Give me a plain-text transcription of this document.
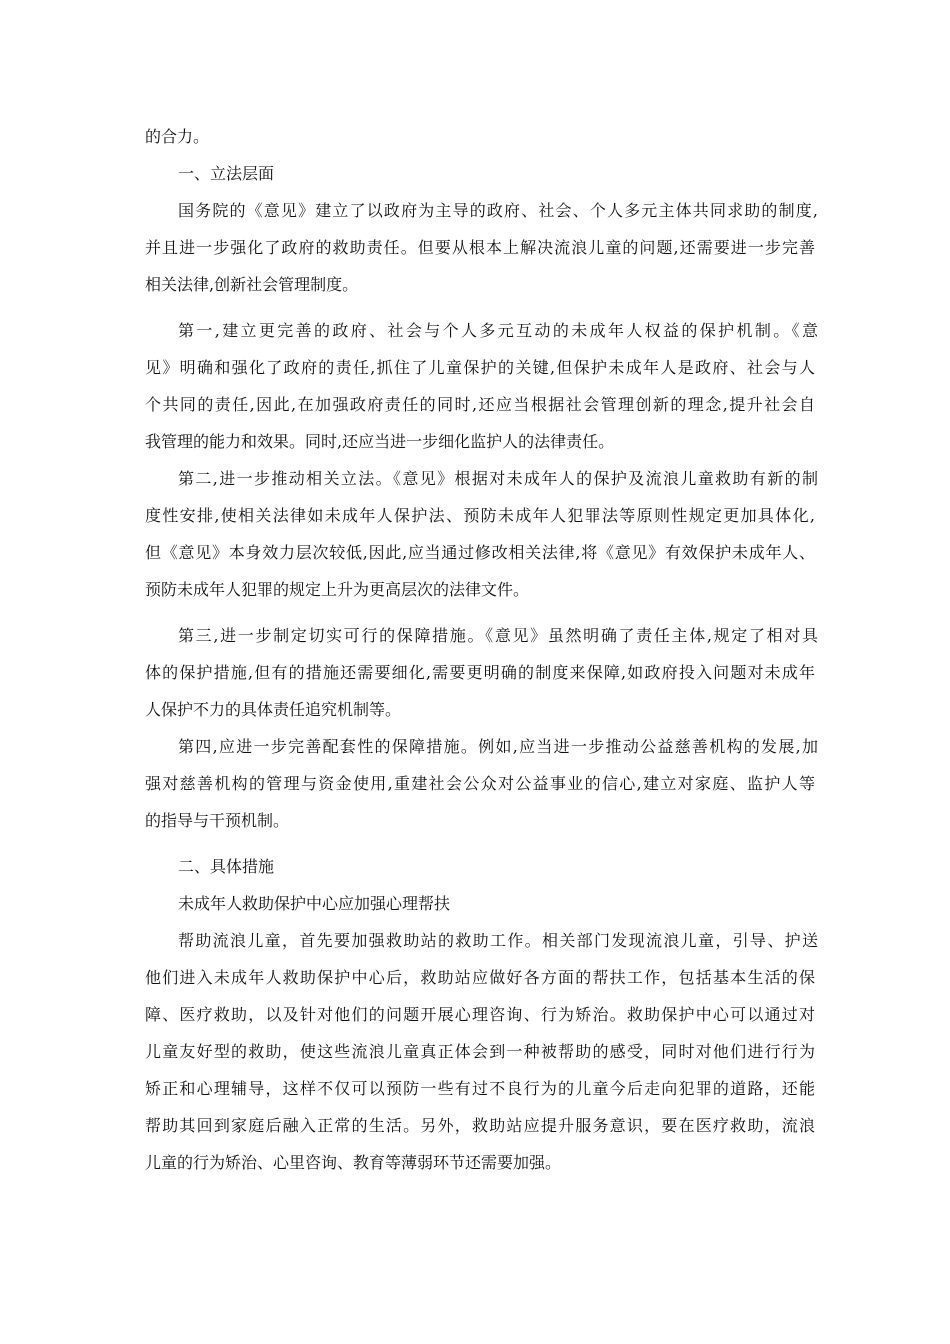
的合力。
一、立法层面
国务院的《意见》建立了以政府为主导的政府、社会、个人多元主体共同求助的制度,
并且进一步强化了政府的救助责任。但要从根本上解决流浪儿童的问题,还需要进一步完善
相关法律,创新社会管理制度。
第一,建立更完善的政府、社会与个人多元互动的未成年人权益的保护机制。《意
见》明确和强化了政府的责任,抓住了儿童保护的关键,但保护未成年人是政府、社会与人
个共同的责任,因此,在加强政府责任的同时,还应当根据社会管理创新的理念,提升社会自
我管理的能力和效果。同时,还应当进一步细化监护人的法律责任。
第二,进一步推动相关立法。《意见》根据对未成年人的保护及流浪儿童救助有新的制
度性安排,使相关法律如未成年人保护法、预防未成年人犯罪法等原则性规定更加具体化,
但《意见》本身效力层次较低,因此,应当通过修改相关法律,将《意见》有效保护未成年人、
预防未成年人犯罪的规定上升为更高层次的法律文件。
第三,进一步制定切实可行的保障措施。《意见》虽然明确了责任主体,规定了相对具
体的保护措施,但有的措施还需要细化,需要更明确的制度来保障,如政府投入问题对未成年
人保护不力的具体责任追究机制等。
第四,应进一步完善配套性的保障措施。例如,应当进一步推动公益慈善机构的发展,加
强对慈善机构的管理与资金使用,重建社会公众对公益事业的信心,建立对家庭、监护人等
的指导与干预机制。
二、具体措施
未成年人救助保护中心应加强心理帮扶
帮助流浪儿童，首先要加强救助站的救助工作。相关部门发现流浪儿童，引导、护送
他们进入未成年人救助保护中心后，救助站应做好各方面的帮扶工作，包括基本生活的保
障、医疗救助，以及针对他们的问题开展心理咨询、行为矫治。救助保护中心可以通过对
儿童友好型的救助，使这些流浪儿童真正体会到一种被帮助的感受，同时对他们进行行为
矫正和心理辅导，这样不仅可以预防一些有过不良行为的儿童今后走向犯罪的道路，还能
帮助其回到家庭后融入正常的生活。另外，救助站应提升服务意识，要在医疗救助，流浪
儿童的行为矫治、心里咨询、教育等薄弱环节还需要加强。
